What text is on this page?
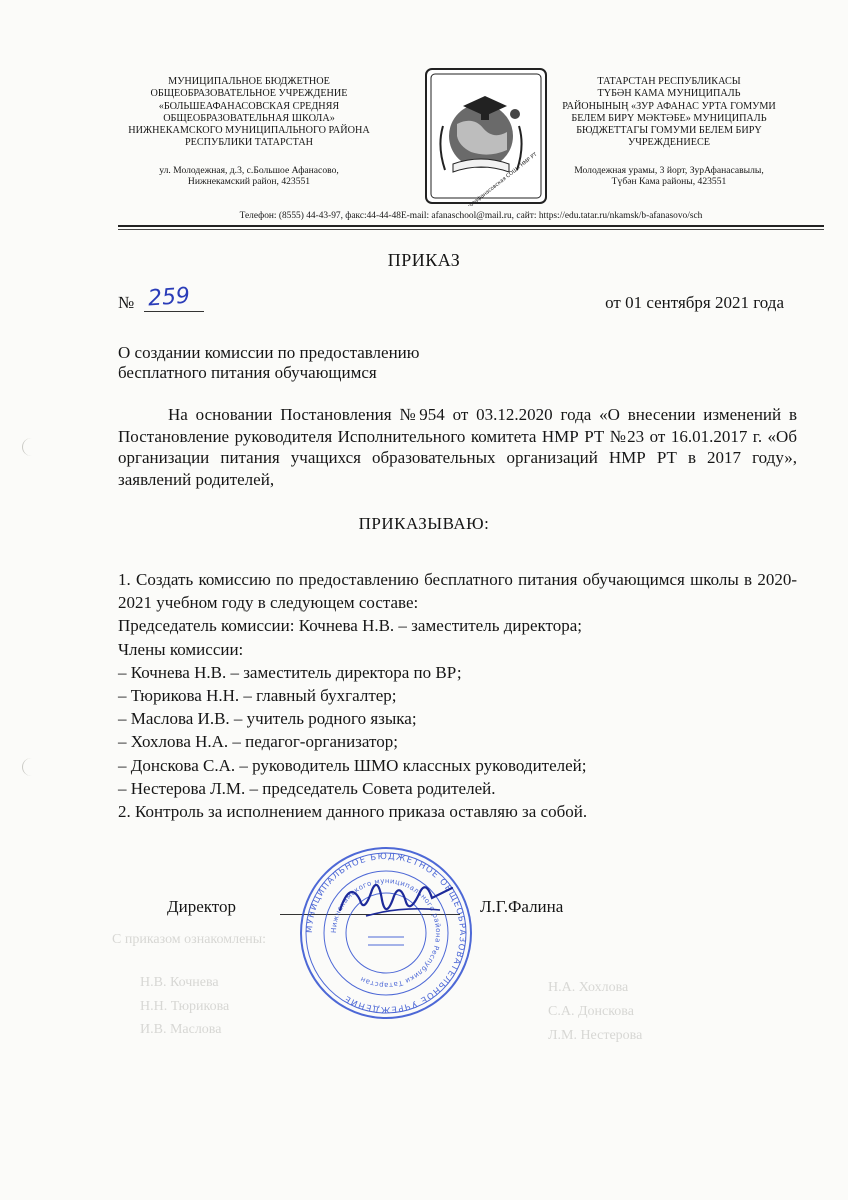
МУНИЦИПАЛЬНОЕ БЮДЖЕТНОЕ
ОБЩЕОБРАЗОВАТЕЛЬНОЕ УЧРЕЖДЕНИЕ
«БОЛЬШЕАФАНАСОВСКАЯ СРЕДНЯЯ
ОБЩЕОБРАЗОВАТЕЛЬНАЯ ШКОЛА»
НИЖНЕКАМСКОГО МУНИЦИПАЛЬНОГО РАЙОНА
РЕСПУБЛИКИ ТАТАРСТАН
ул. Молодежная, д.3, с.Большое Афанасово,
Нижнекамский район, 423551
ТАТАРСТАН РЕСПУБЛИКАСЫ
ТҮБӘН КАМА МУНИЦИПАЛЬ
РАЙОНЫНЫҢ «ЗУР АФАНАС УРТА ГОМУМИ
БЕЛЕМ БИРҮ МӘКТӘБЕ» МУНИЦИПАЛЬ
БЮДЖЕТТАГЫ ГОМУМИ БЕЛЕМ БИРҮ
УЧРЕЖДЕНИЕСЕ
Молодежная урамы, 3 йорт, ЗурАфанасавылы,
Түбән Кама районы, 423551
Телефон: (8555) 44-43-97, факс:44-44-48E-mail: afanaschool@mail.ru, сайт: https://edu.tatar.ru/nkamsk/b-afanasovo/sch
ПРИКАЗ
№ 259	от 01 сентября 2021 года
О создании комиссии по предоставлению
бесплатного питания обучающимся
На основании Постановления №954 от 03.12.2020 года «О внесении изменений в Постановление руководителя Исполнительного комитета НМР РТ №23 от 16.01.2017 г. «Об организации питания учащихся образовательных организаций НМР РТ в 2017 году», заявлений родителей,
ПРИКАЗЫВАЮ:
1. Создать комиссию по предоставлению бесплатного питания обучающимся школы в 2020-2021 учебном году в следующем составе:
Председатель комиссии: Кочнева Н.В. – заместитель директора;
Члены комиссии:
– Кочнева Н.В. – заместитель директора по ВР;
– Тюрикова Н.Н. – главный бухгалтер;
– Маслова И.В. – учитель родного языка;
– Хохлова Н.А. – педагог-организатор;
– Донскова С.А. – руководитель ШМО классных руководителей;
– Нестерова Л.М. – председатель Совета родителей.
2. Контроль за исполнением данного приказа оставляю за собой.
С приказом ознакомлены:
Н.В. Кочнева
Н.Н. Тюрикова
И.В. Маслова
Н.А. Хохлова
С.А. Донскова
Л.М. Нестерова
Директор	Л.Г.Фалина
МУНИЦИПАЛЬНОЕ БЮДЖЕТНОЕ ОБЩЕОБРАЗОВАТЕЛЬНОЕ УЧРЕЖДЕНИЕ
Нижнекамского муниципального района Республики Татарстан
